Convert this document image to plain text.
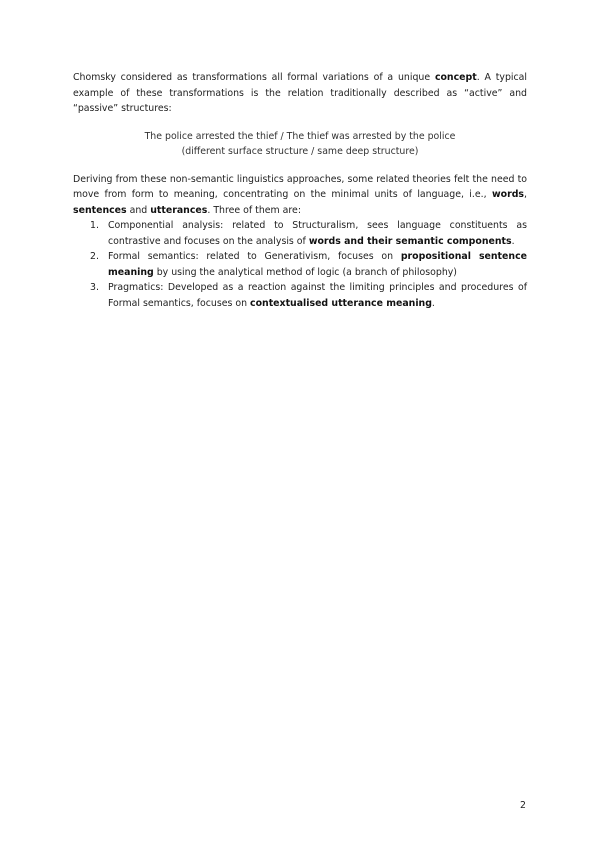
Chomsky considered as transformations all formal variations of a unique concept. A typical example of these transformations is the relation traditionally described as “active” and “passive” structures:

The police arrested the thief / The thief was arrested by the police
(different surface structure / same deep structure)

Deriving from these non-semantic linguistics approaches, some related theories felt the need to move from form to meaning, concentrating on the minimal units of language, i.e., words, sentences and utterances. Three of them are:

1. Componential analysis: related to Structuralism, sees language constituents as contrastive and focuses on the analysis of words and their semantic components.
2. Formal semantics: related to Generativism, focuses on propositional sentence meaning by using the analytical method of logic (a branch of philosophy)
3. Pragmatics: Developed as a reaction against the limiting principles and procedures of Formal semantics, focuses on contextualised utterance meaning.
2
